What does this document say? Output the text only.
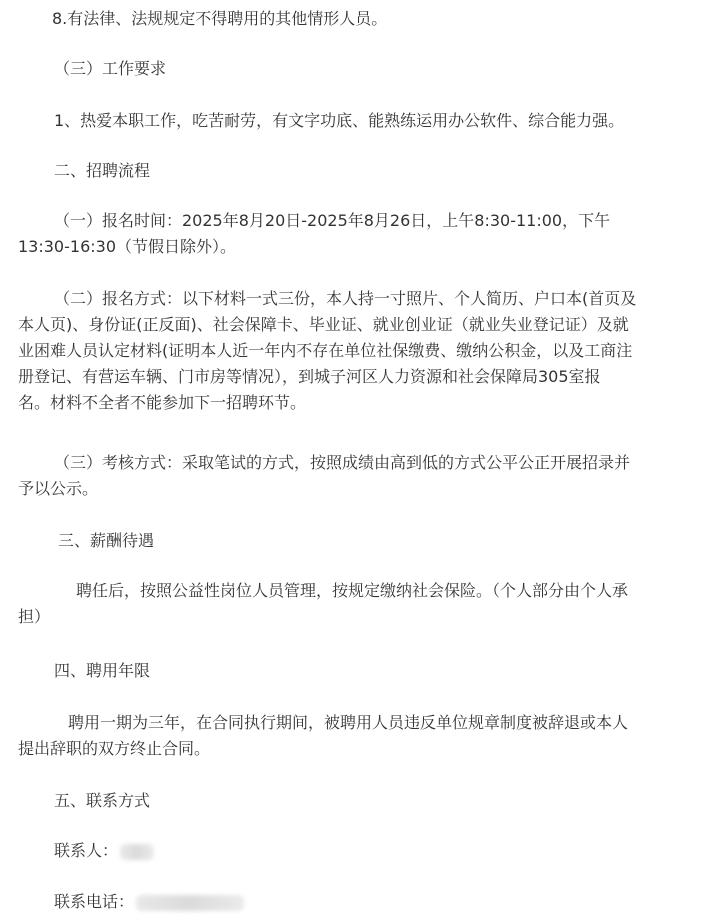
8.有法律、法规规定不得聘用的其他情形人员。

（三）工作要求

1、热爱本职工作，吃苦耐劳，有文字功底、能熟练运用办公软件、综合能力强。

二、招聘流程

（一）报名时间：2025年8月20日-2025年8月26日，上午8:30-11:00，下午
13:30-16:30（节假日除外）。

（二）报名方式：以下材料一式三份，本人持一寸照片、个人简历、户口本(首页及
本人页)、身份证(正反面)、社会保障卡、毕业证、就业创业证（就业失业登记证）及就
业困难人员认定材料(证明本人近一年内不存在单位社保缴费、缴纳公积金，以及工商注
册登记、有营运车辆、门市房等情况），到城子河区人力资源和社会保障局305室报
名。材料不全者不能参加下一招聘环节。

（三）考核方式：采取笔试的方式，按照成绩由高到低的方式公平公正开展招录并
予以公示。

三、薪酬待遇

聘任后，按照公益性岗位人员管理，按规定缴纳社会保险。（个人部分由个人承
担）

四、聘用年限

聘用一期为三年，在合同执行期间，被聘用人员违反单位规章制度被辞退或本人
提出辞职的双方终止合同。

五、联系方式

联系人：

联系电话：
